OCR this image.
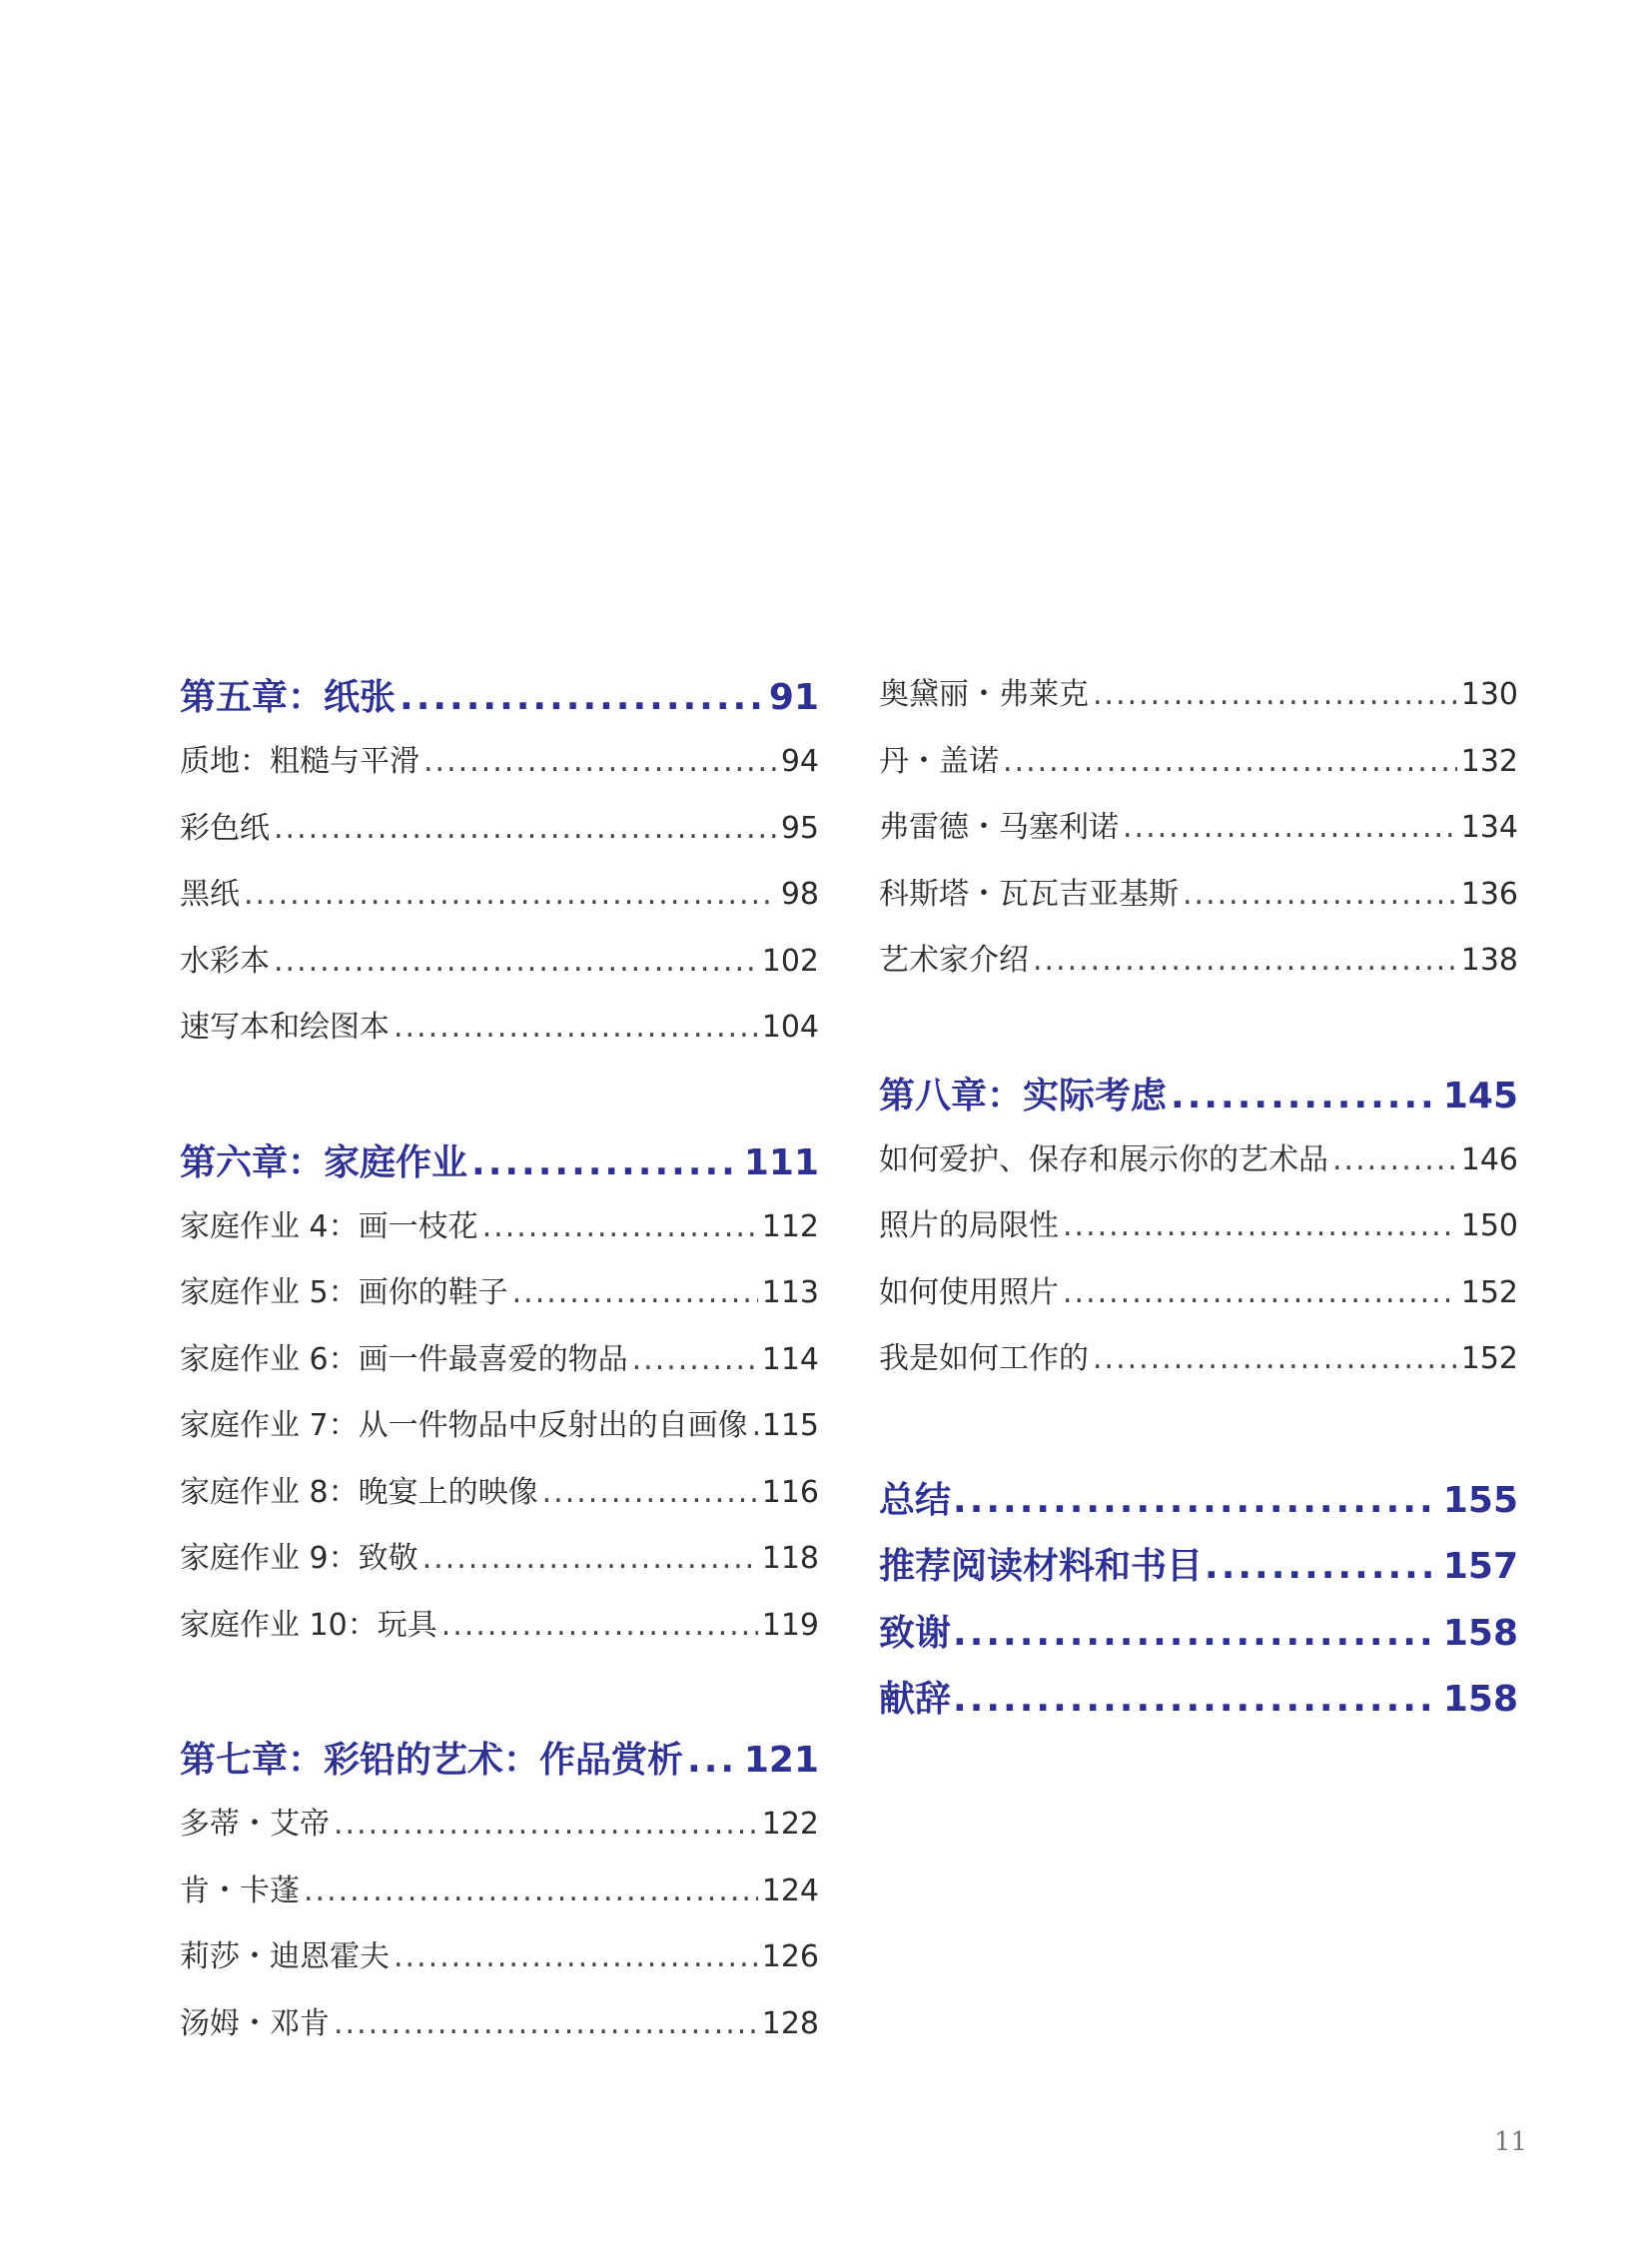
第五章：纸张 .....	91
质地：粗糙与平滑 .....	94
彩色纸 .....	95
黑纸 .....	98
水彩本 .....	102
速写本和绘图本 .....	104
第六章：家庭作业 .....	111
家庭作业 4：画一枝花 .....	112
家庭作业 5：画你的鞋子 .....	113
家庭作业 6：画一件最喜爱的物品 .....	114
家庭作业 7：从一件物品中反射出的自画像 ..... 115
家庭作业 8：晚宴上的映像 .....	116
家庭作业 9：致敬 .....	118
家庭作业 10：玩具 .....	119
第七章：彩铅的艺术：作品赏析 ..... 121
多蒂・艾帝 .....	122
肯・卡蓬 .....	124
莉莎・迪恩霍夫 .....	126
汤姆・邓肯 .....	128
奥黛丽・弗莱克 .....	130
丹・盖诺 .....	132
弗雷德・马塞利诺 .....	134
科斯塔・瓦瓦吉亚基斯 .....	136
艺术家介绍 .....	138
第八章：实际考虑 .....	145
如何爱护、保存和展示你的艺术品 .....	146
照片的局限性 .....	150
如何使用照片 .....	152
我是如何工作的 .....	152
总结 .....	155
推荐阅读材料和书目 .....	157
致谢 .....	158
献辞 .....	158
11
